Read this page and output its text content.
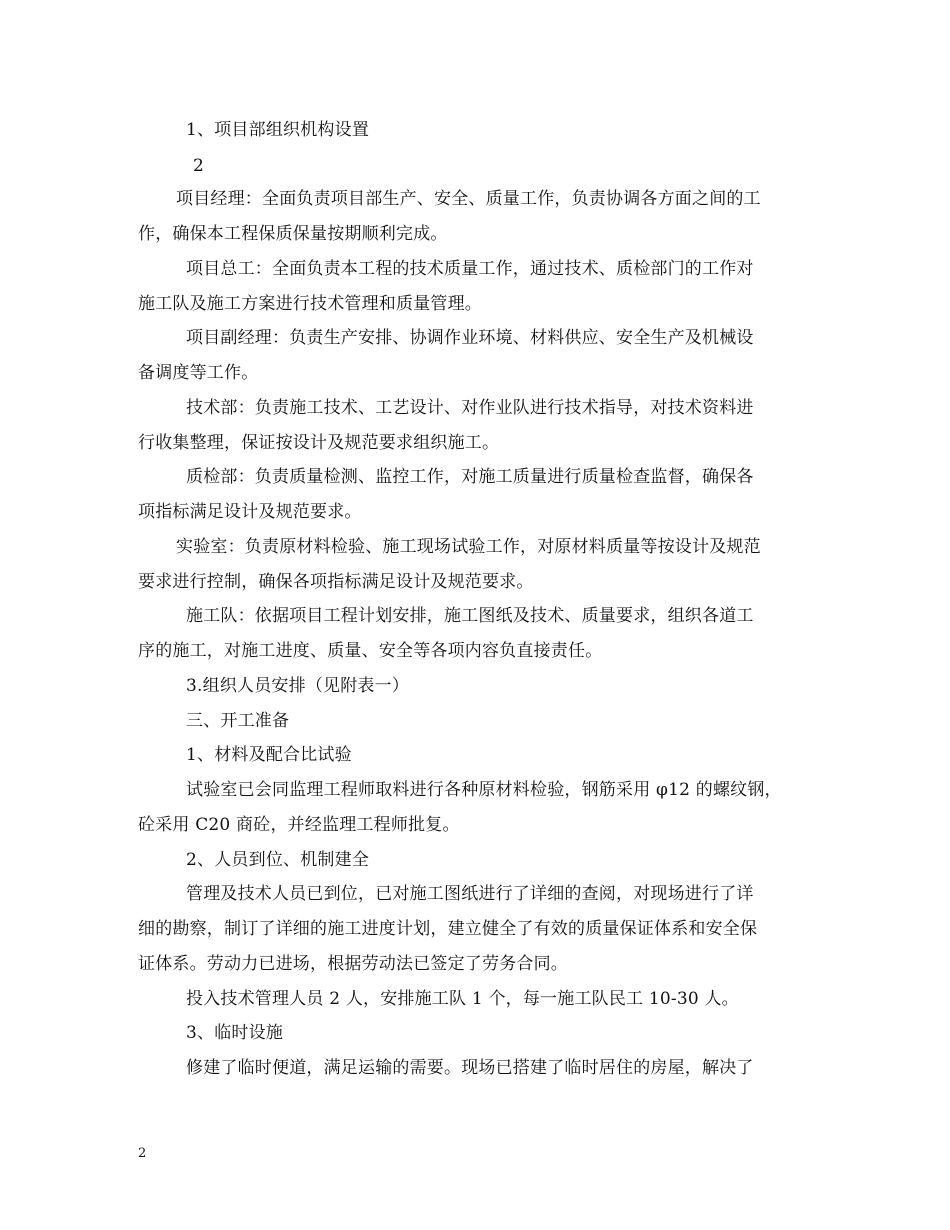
1、项目部组织机构设置
2
项目经理：全面负责项目部生产、安全、质量工作，负责协调各方面之间的工
作，确保本工程保质保量按期顺利完成。
项目总工：全面负责本工程的技术质量工作，通过技术、质检部门的工作对
施工队及施工方案进行技术管理和质量管理。
项目副经理：负责生产安排、协调作业环境、材料供应、安全生产及机械设
备调度等工作。
技术部：负责施工技术、工艺设计、对作业队进行技术指导，对技术资料进
行收集整理，保证按设计及规范要求组织施工。
质检部：负责质量检测、监控工作，对施工质量进行质量检查监督，确保各
项指标满足设计及规范要求。
实验室：负责原材料检验、施工现场试验工作，对原材料质量等按设计及规范
要求进行控制，确保各项指标满足设计及规范要求。
施工队：依据项目工程计划安排，施工图纸及技术、质量要求，组织各道工
序的施工，对施工进度、质量、安全等各项内容负直接责任。
3.组织人员安排（见附表一）
三、开工准备
1、材料及配合比试验
试验室已会同监理工程师取料进行各种原材料检验，钢筋采用 φ12 的螺纹钢，
砼采用 C20 商砼，并经监理工程师批复。
2、人员到位、机制建全
管理及技术人员已到位，已对施工图纸进行了详细的查阅，对现场进行了详
细的勘察，制订了详细的施工进度计划，建立健全了有效的质量保证体系和安全保
证体系。劳动力已进场，根据劳动法已签定了劳务合同。
投入技术管理人员 2 人，安排施工队 1 个，每一施工队民工 10-30 人。
3、临时设施
修建了临时便道，满足运输的需要。现场已搭建了临时居住的房屋，解决了
2
